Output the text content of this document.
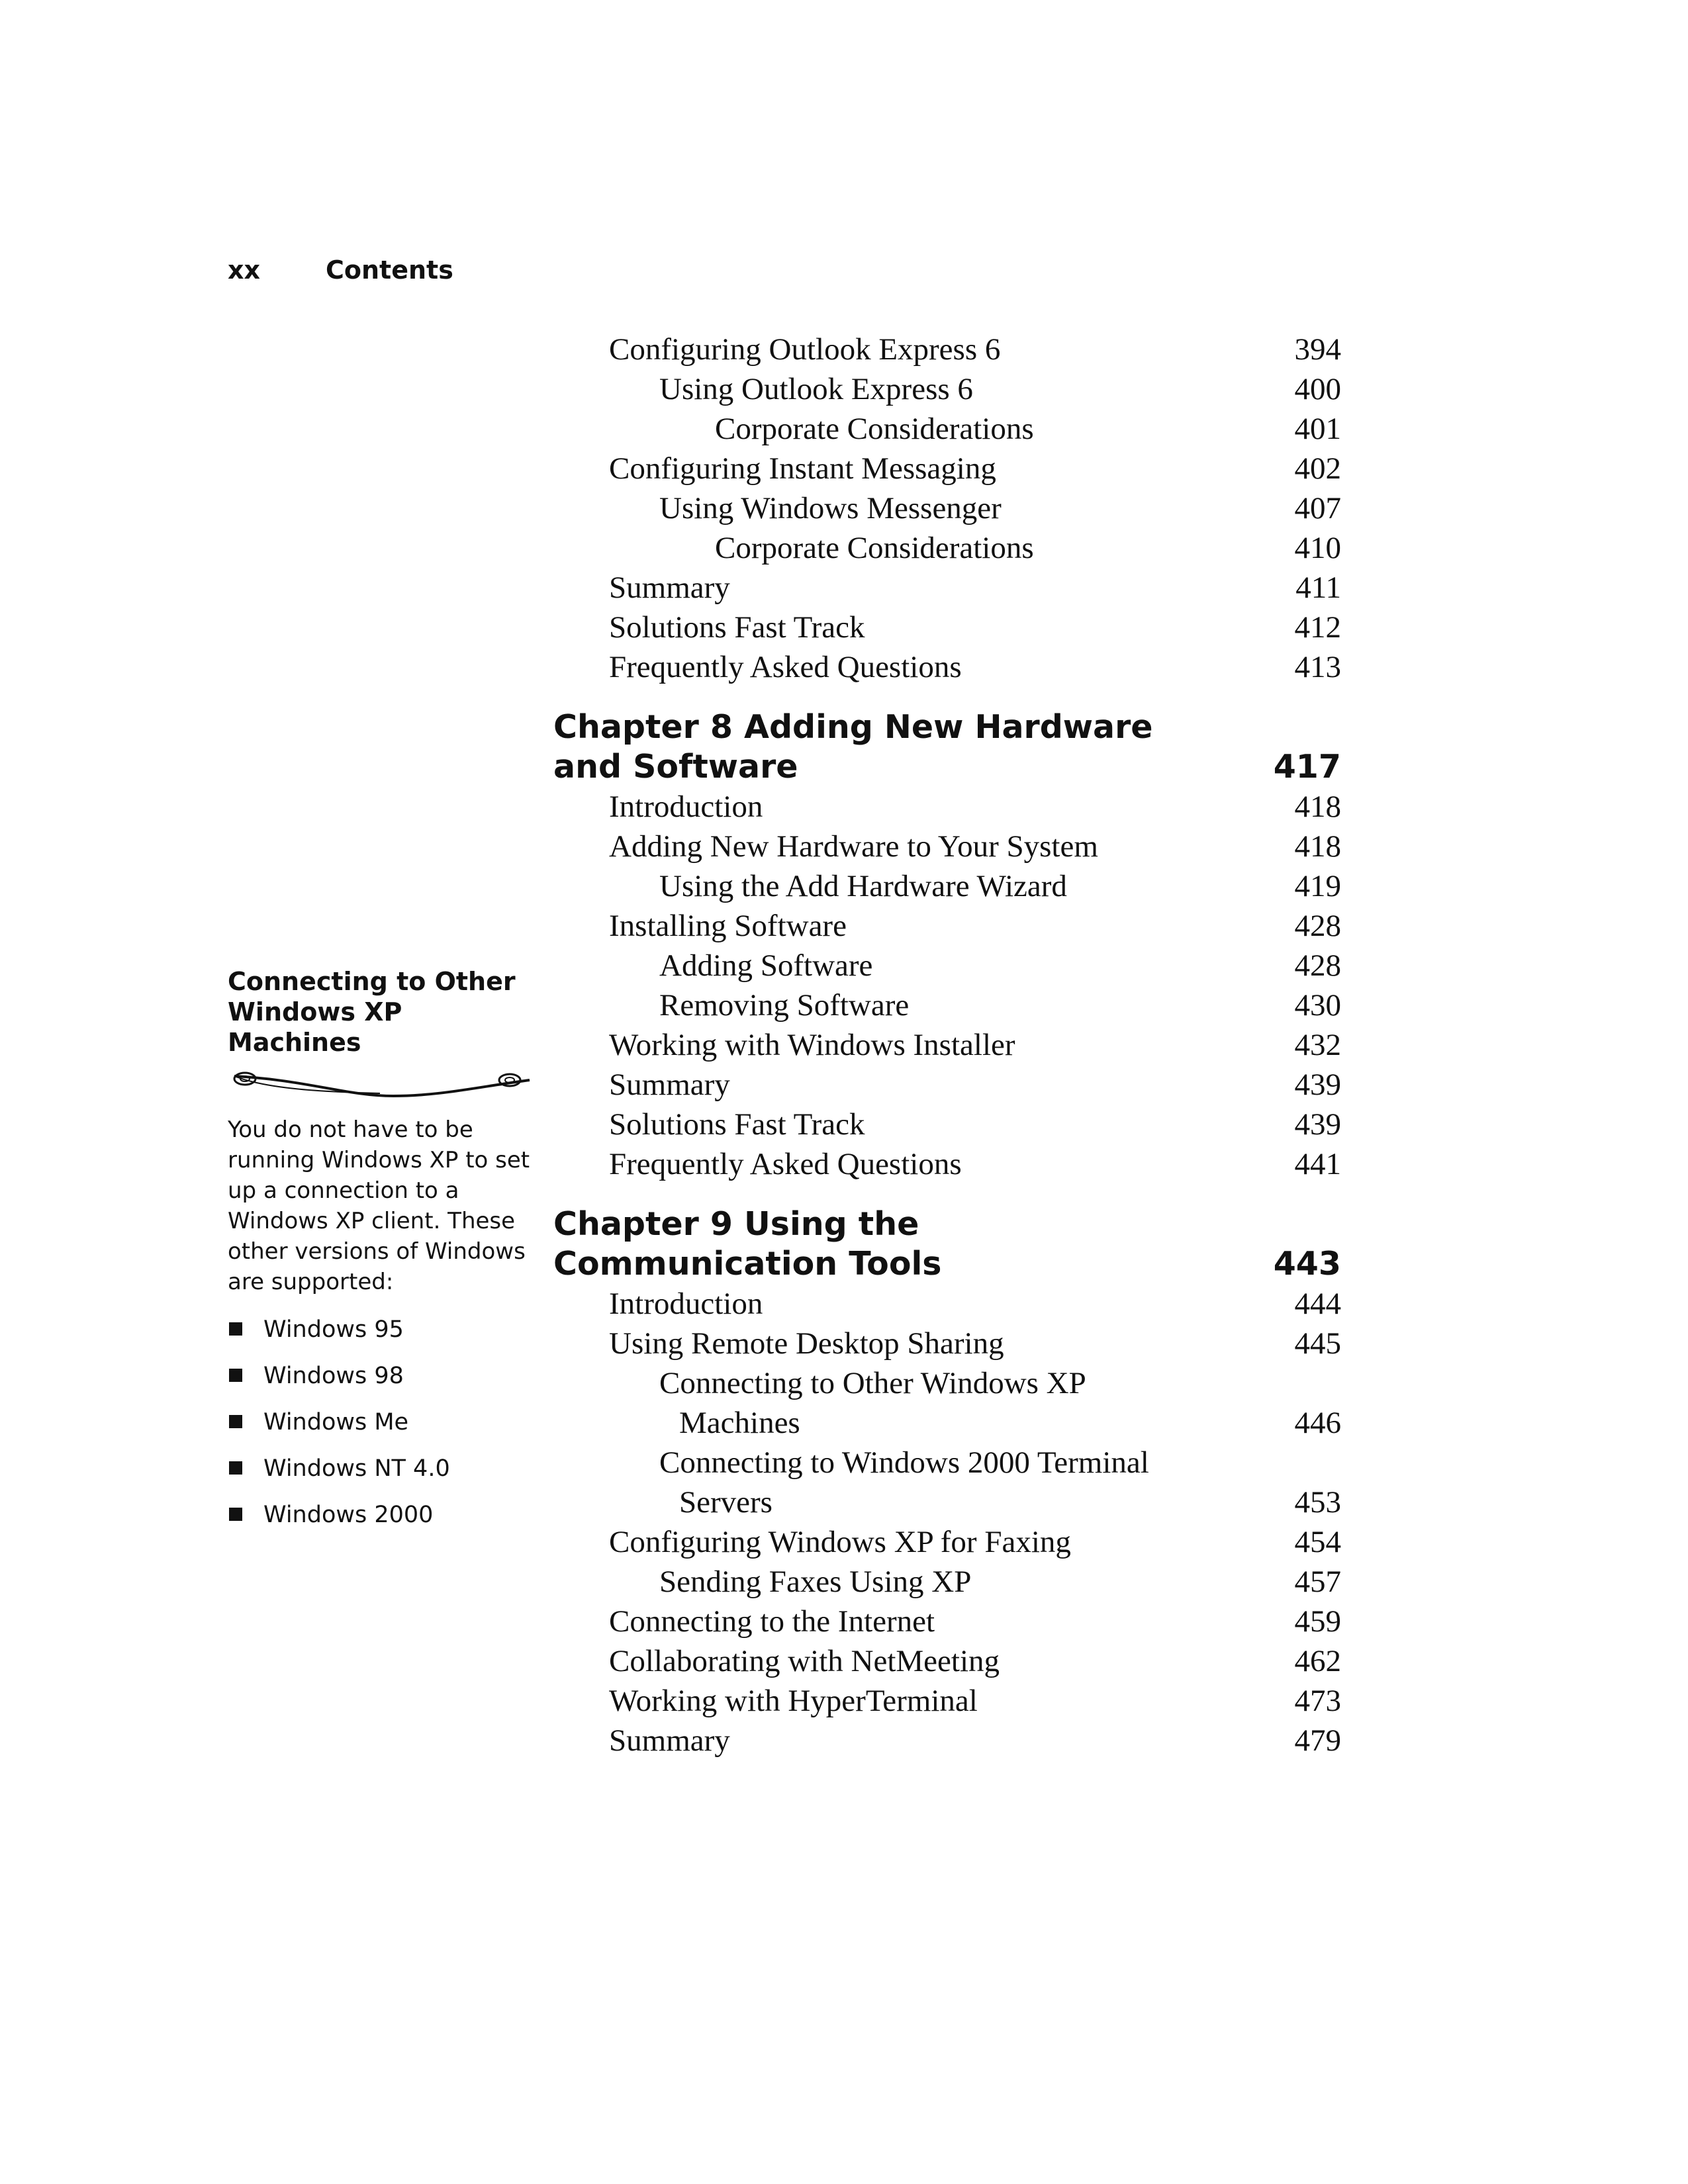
xx	Contents

Connecting to Other
Windows XP Machines

You do not have to be running Windows XP to set up a connection to a Windows XP client. These other versions of Windows are supported:

Windows 95
Windows 98
Windows Me
Windows NT 4.0
Windows 2000
Configuring Outlook Express 6	394
Using Outlook Express 6	400
Corporate Considerations	401
Configuring Instant Messaging	402
Using Windows Messenger	407
Corporate Considerations	410
Summary	411
Solutions Fast Track	412
Frequently Asked Questions	413
Chapter 8 Adding New Hardware
and Software	417
Introduction	418
Adding New Hardware to Your System	418
Using the Add Hardware Wizard	419
Installing Software	428
Adding Software	428
Removing Software	430
Working with Windows Installer	432
Summary	439
Solutions Fast Track	439
Frequently Asked Questions	441
Chapter 9 Using the
Communication Tools	443
Introduction	444
Using Remote Desktop Sharing	445
Connecting to Other Windows XP
Machines	446
Connecting to Windows 2000 Terminal
Servers	453
Configuring Windows XP for Faxing	454
Sending Faxes Using XP	457
Connecting to the Internet	459
Collaborating with NetMeeting	462
Working with HyperTerminal	473
Summary	479
